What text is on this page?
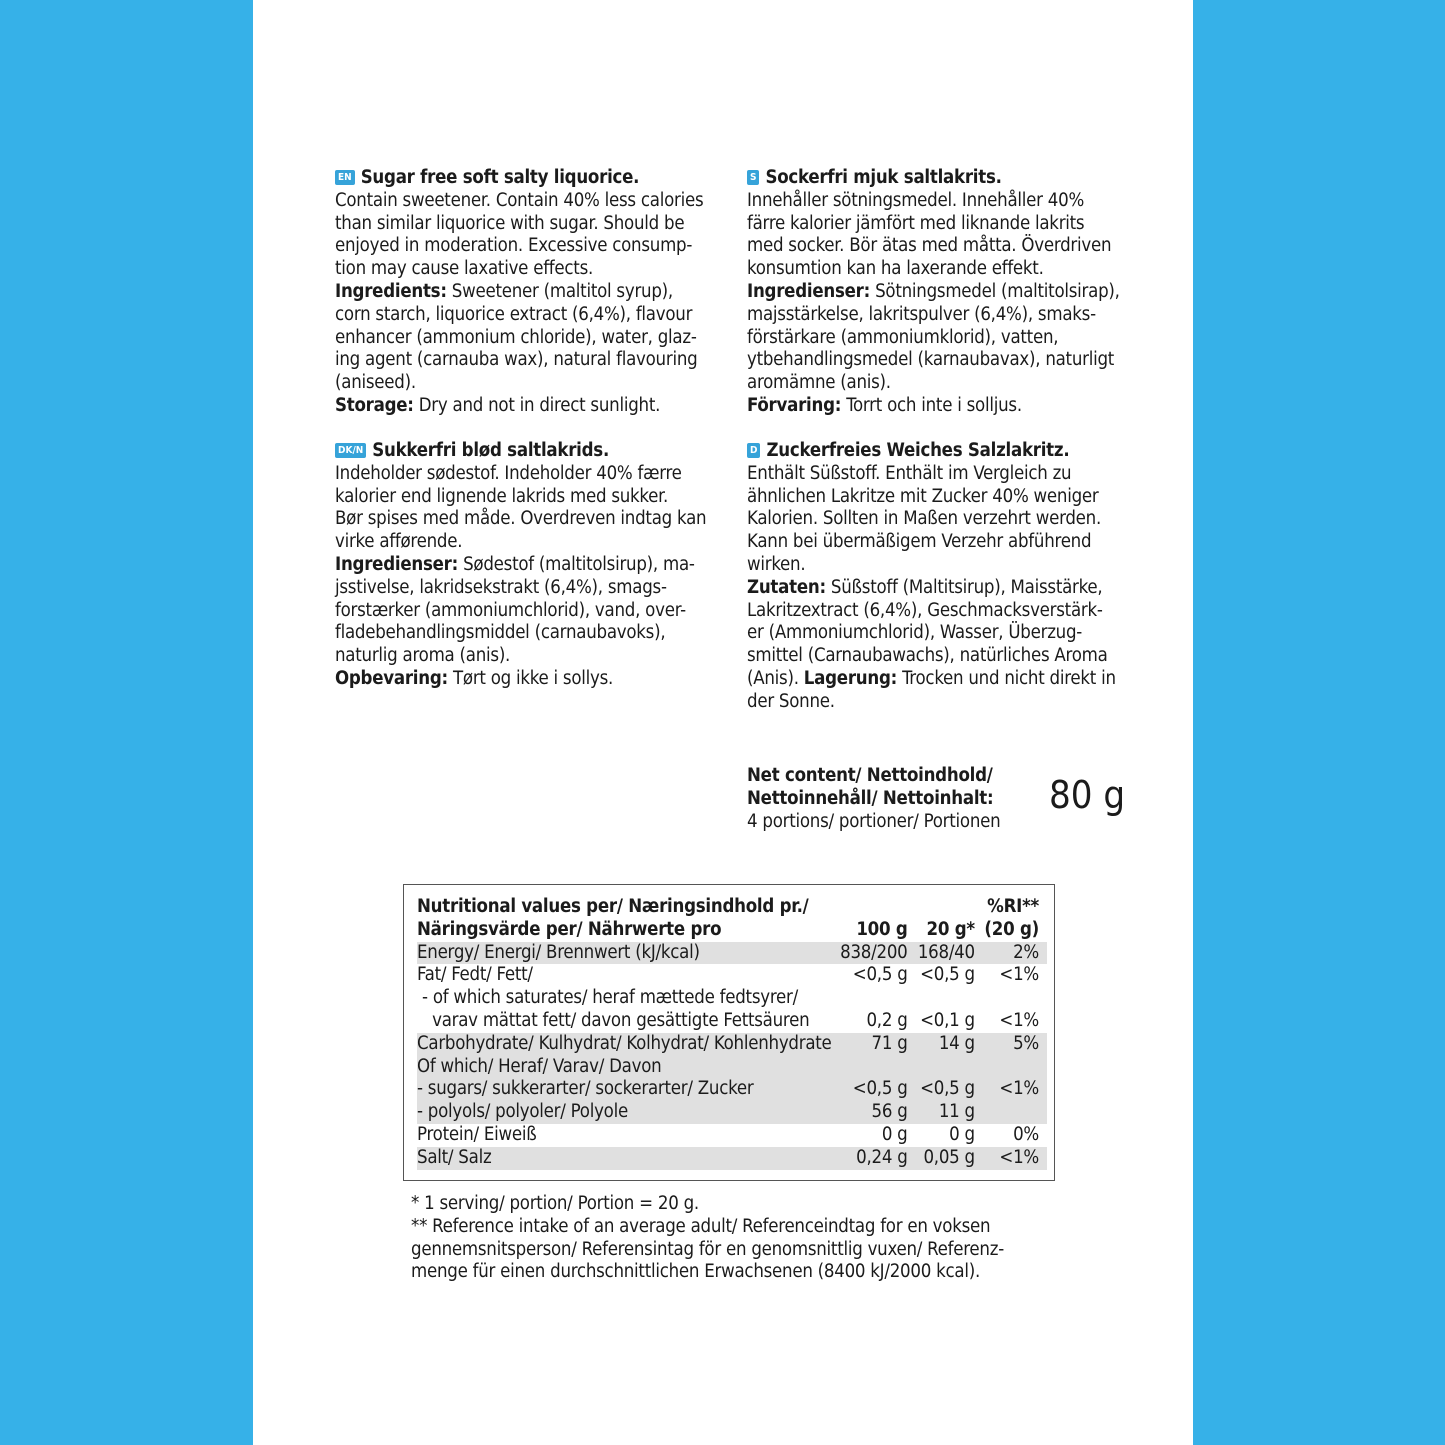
EN Sugar free soft salty liquorice.

Contain sweetener. Contain 40% less calories

than similar liquorice with sugar. Should be

enjoyed in moderation. Excessive consump-

tion may cause laxative effects.

Ingredients: Sweetener (maltitol syrup),

corn starch, liquorice extract (6,4%), flavour

enhancer (ammonium chloride), water, glaz-

ing agent (carnauba wax), natural flavouring

(aniseed).

Storage: Dry and not in direct sunlight.

S Sockerfri mjuk saltlakrits.

Innehåller sötningsmedel. Innehåller 40%

färre kalorier jämfört med liknande lakrits

med socker. Bör ätas med måtta. Överdriven

konsumtion kan ha laxerande effekt.

Ingredienser: Sötningsmedel (maltitolsirap),

majsstärkelse, lakritspulver (6,4%), smaks-

förstärkare (ammoniumklorid), vatten,

ytbehandlingsmedel (karnaubavax), naturligt

aromämne (anis).

Förvaring: Torrt och inte i solljus.

DK/N Sukkerfri blød saltlakrids.

Indeholder sødestof. Indeholder 40% færre

kalorier end lignende lakrids med sukker.

Bør spises med måde. Overdreven indtag kan

virke afførende.

Ingredienser: Sødestof (maltitolsirup), ma-

jsstivelse, lakridsekstrakt (6,4%), smags-

forstærker (ammoniumchlorid), vand, over-

fladebehandlingsmiddel (carnaubavoks),

naturlig aroma (anis).

Opbevaring: Tørt og ikke i sollys.

D Zuckerfreies Weiches Salzlakritz.

Enthält Süßstoff. Enthält im Vergleich zu

ähnlichen Lakritze mit Zucker 40% weniger

Kalorien. Sollten in Maßen verzehrt werden.

Kann bei übermäßigem Verzehr abführend

wirken.

Zutaten: Süßstoff (Maltitsirup), Maisstärke,

Lakritzextract (6,4%), Geschmacksverstärk-

er (Ammoniumchlorid), Wasser, Überzug-

smittel (Carnaubawachs), natürliches Aroma

(Anis). Lagerung: Trocken und nicht direkt in

der Sonne.

Net content/ Nettoindhold/

Nettoinnehåll/ Nettoinhalt:

4 portions/ portioner/ Portionen

80 g
Nutritional values per/ Næringsindhold pr./			%RI**
Näringsvärde per/ Nährwerte pro	100 g	20 g*	(20 g)
Energy/ Energi/ Brennwert (kJ/kcal)	838/200	168/40	2%
Fat/ Fedt/ Fett/	<0,5 g	<0,5 g	<1%
- of which saturates/ heraf mættede fedtsyrer/			
varav mättat fett/ davon gesättigte Fettsäuren	0,2 g	<0,1 g	<1%
Carbohydrate/ Kulhydrat/ Kolhydrat/ Kohlenhydrate	71 g	14 g	5%
Of which/ Heraf/ Varav/ Davon			
- sugars/ sukkerarter/ sockerarter/ Zucker	<0,5 g	<0,5 g	<1%
- polyols/ polyoler/ Polyole	56 g	11 g	
Protein/ Eiweiß	0 g	0 g	0%
Salt/ Salz	0,24 g	0,05 g	<1%

* 1 serving/ portion/ Portion = 20 g.

** Reference intake of an average adult/ Referenceindtag for en voksen

gennemsnitsperson/ Referensintag för en genomsnittlig vuxen/ Referenz-

menge für einen durchschnittlichen Erwachsenen (8400 kJ/2000 kcal).
